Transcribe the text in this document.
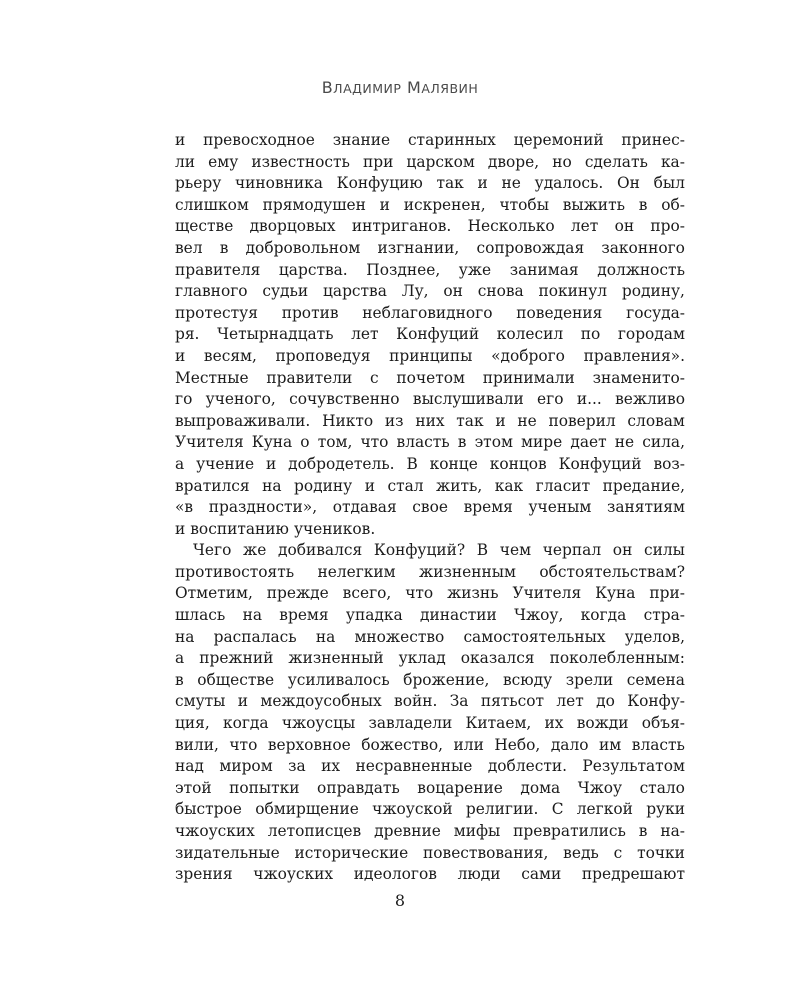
ВЛАДИМИР МАЛЯВИН
и превосходное знание старинных церемоний принес-
ли ему известность при царском дворе, но сделать ка-
рьеру чиновника Конфуцию так и не удалось. Он был
слишком прямодушен и искренен, чтобы выжить в об-
ществе дворцовых интриганов. Несколько лет он про-
вел в добровольном изгнании, сопровождая законного
правителя царства. Позднее, уже занимая должность
главного судьи царства Лу, он снова покинул родину,
протестуя против неблаговидного поведения госуда-
ря. Четырнадцать лет Конфуций колесил по городам
и весям, проповедуя принципы «доброго правления».
Местные правители с почетом принимали знаменито-
го ученого, сочувственно выслушивали его и... вежливо
выпроваживали. Никто из них так и не поверил словам
Учителя Куна о том, что власть в этом мире дает не сила,
а учение и добродетель. В конце концов Конфуций воз-
вратился на родину и стал жить, как гласит предание,
«в праздности», отдавая свое время ученым занятиям
и воспитанию учеников.
Чего же добивался Конфуций? В чем черпал он силы
противостоять нелегким жизненным обстоятельствам?
Отметим, прежде всего, что жизнь Учителя Куна при-
шлась на время упадка династии Чжоу, когда стра-
на распалась на множество самостоятельных уделов,
а прежний жизненный уклад оказался поколебленным:
в обществе усиливалось брожение, всюду зрели семена
смуты и междоусобных войн. За пятьсот лет до Конфу-
ция, когда чжоусцы завладели Китаем, их вожди объя-
вили, что верховное божество, или Небо, дало им власть
над миром за их несравненные доблести. Результатом
этой попытки оправдать воцарение дома Чжоу стало
быстрое обмирщение чжоуской религии. С легкой руки
чжоуских летописцев древние мифы превратились в на-
зидательные исторические повествования, ведь с точки
зрения чжоуских идеологов люди сами предрешают
8
